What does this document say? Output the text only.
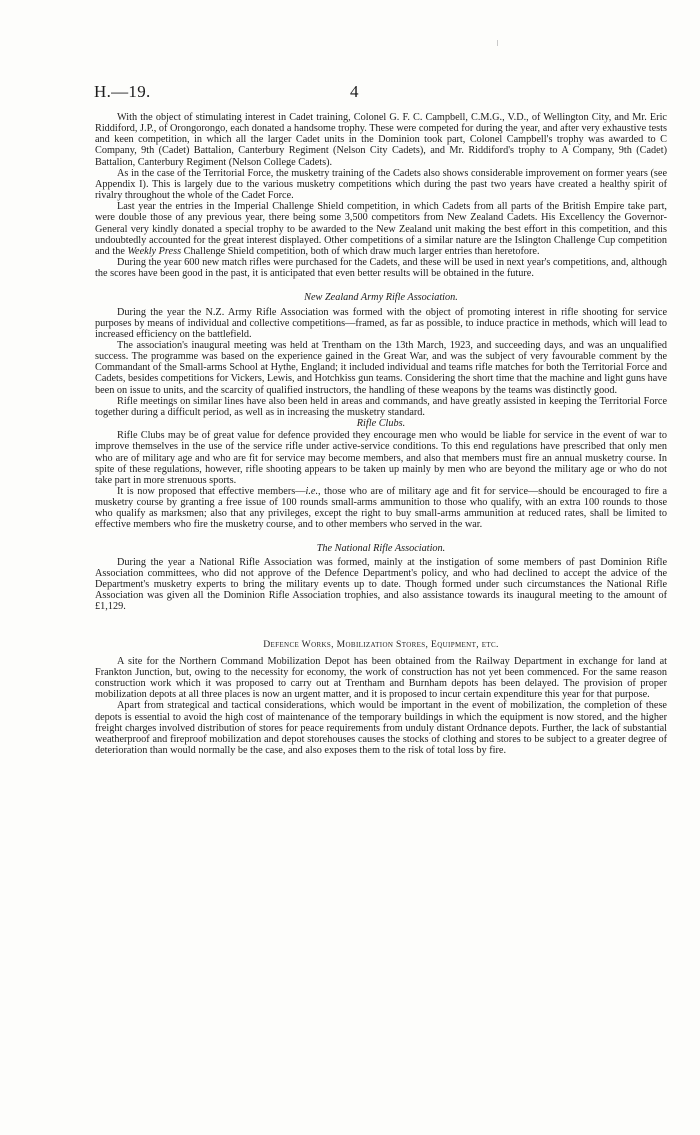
H.—19.	4

With the object of stimulating interest in Cadet training, Colonel G. F. C. Campbell, C.M.G., V.D., of Wellington City, and Mr. Eric Riddiford, J.P., of Orongorongo, each donated a handsome trophy. These were competed for during the year, and after very exhaustive tests and keen competition, in which all the larger Cadet units in the Dominion took part, Colonel Campbell's trophy was awarded to C Company, 9th (Cadet) Battalion, Canterbury Regiment (Nelson City Cadets), and Mr. Riddiford's trophy to A Company, 9th (Cadet) Battalion, Canterbury Regiment (Nelson College Cadets).

As in the case of the Territorial Force, the musketry training of the Cadets also shows considerable improvement on former years (see Appendix I). This is largely due to the various musketry competitions which during the past two years have created a healthy spirit of rivalry throughout the whole of the Cadet Force.

Last year the entries in the Imperial Challenge Shield competition, in which Cadets from all parts of the British Empire take part, were double those of any previous year, there being some 3,500 competitors from New Zealand Cadets. His Excellency the Governor-General very kindly donated a special trophy to be awarded to the New Zealand unit making the best effort in this competition, and this undoubtedly accounted for the great interest displayed. Other competitions of a similar nature are the Islington Challenge Cup competition and the Weekly Press Challenge Shield competition, both of which draw much larger entries than heretofore.

During the year 600 new match rifles were purchased for the Cadets, and these will be used in next year's competitions, and, although the scores have been good in the past, it is anticipated that even better results will be obtained in the future.

New Zealand Army Rifle Association.

During the year the N.Z. Army Rifle Association was formed with the object of promoting interest in rifle shooting for service purposes by means of individual and collective competitions—framed, as far as possible, to induce practice in methods, which will lead to increased efficiency on the battlefield.

The association's inaugural meeting was held at Trentham on the 13th March, 1923, and succeeding days, and was an unqualified success. The programme was based on the experience gained in the Great War, and was the subject of very favourable comment by the Commandant of the Small-arms School at Hythe, England; it included individual and teams rifle matches for both the Territorial Force and Cadets, besides competitions for Vickers, Lewis, and Hotchkiss gun teams. Considering the short time that the machine and light guns have been on issue to units, and the scarcity of qualified instructors, the handling of these weapons by the teams was distinctly good.

Rifle meetings on similar lines have also been held in areas and commands, and have greatly assisted in keeping the Territorial Force together during a difficult period, as well as in increasing the musketry standard.

Rifle Clubs.

Rifle Clubs may be of great value for defence provided they encourage men who would be liable for service in the event of war to improve themselves in the use of the service rifle under active-service conditions. To this end regulations have prescribed that only men who are of military age and who are fit for service may become members, and also that members must fire an annual musketry course. In spite of these regulations, however, rifle shooting appears to be taken up mainly by men who are beyond the military age or who do not take part in more strenuous sports.

It is now proposed that effective members—i.e., those who are of military age and fit for service—should be encouraged to fire a musketry course by granting a free issue of 100 rounds small-arms ammunition to those who qualify, with an extra 100 rounds to those who qualify as marksmen; also that any privileges, except the right to buy small-arms ammunition at reduced rates, shall be limited to effective members who fire the musketry course, and to other members who served in the war.

The National Rifle Association.

During the year a National Rifle Association was formed, mainly at the instigation of some members of past Dominion Rifle Association committees, who did not approve of the Defence Department's policy, and who had declined to accept the advice of the Department's musketry experts to bring the military events up to date. Though formed under such circumstances the National Rifle Association was given all the Dominion Rifle Association trophies, and also assistance towards its inaugural meeting to the amount of £1,129.

Defence Works, Mobilization Stores, Equipment, etc.

A site for the Northern Command Mobilization Depot has been obtained from the Railway Department in exchange for land at Frankton Junction, but, owing to the necessity for economy, the work of construction has not yet been commenced. For the same reason construction work which it was proposed to carry out at Trentham and Burnham depots has been delayed. The provision of proper mobilization depots at all three places is now an urgent matter, and it is proposed to incur certain expenditure this year for that purpose.

Apart from strategical and tactical considerations, which would be important in the event of mobilization, the completion of these depots is essential to avoid the high cost of maintenance of the temporary buildings in which the equipment is now stored, and the higher freight charges involved distribution of stores for peace requirements from unduly distant Ordnance depots. Further, the lack of substantial weatherproof and fireproof mobilization and depot storehouses causes the stocks of clothing and stores to be subject to a greater degree of deterioration than would normally be the case, and also exposes them to the risk of total loss by fire.
